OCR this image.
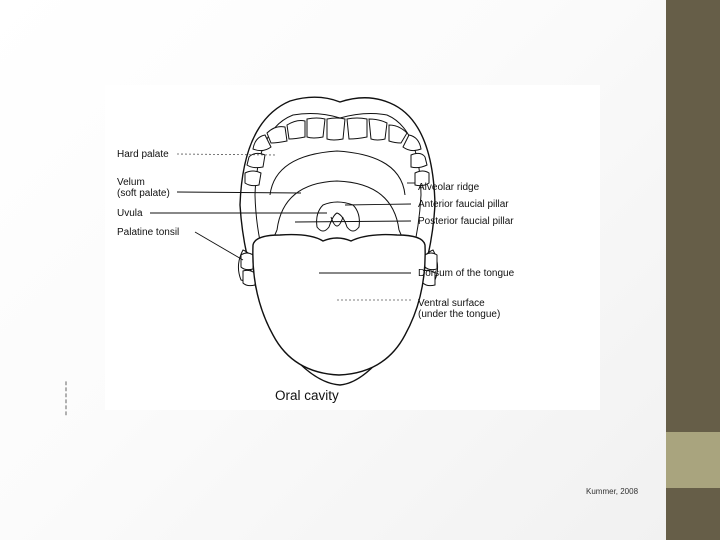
▮▮▮▮▮▮
Hard palate
Velum
(soft palate)
Uvula
Palatine tonsil
Alveolar ridge
Anterior faucial pillar
Posterior faucial pillar
Dorsum of the tongue
Ventral surface
(under the tongue)
Oral cavity
Kummer, 2008
